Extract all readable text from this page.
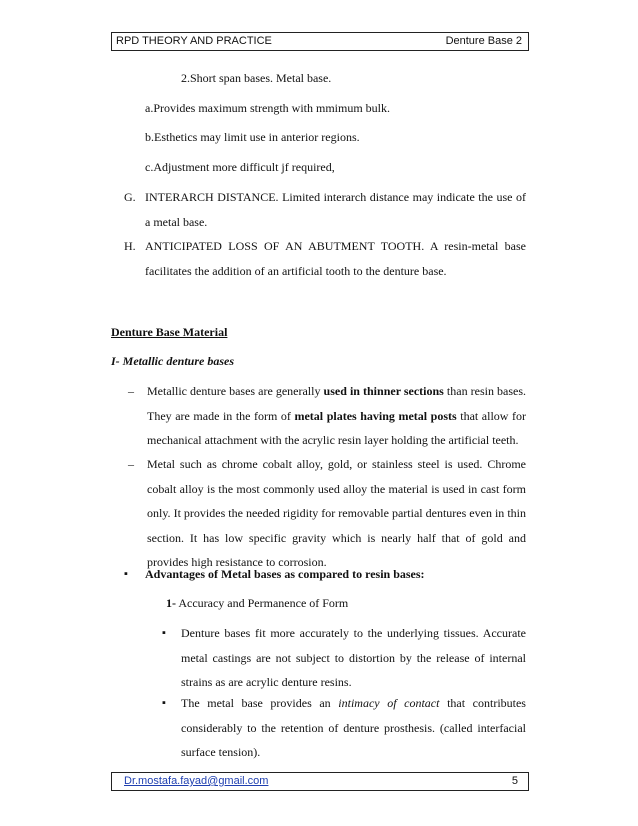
RPD THEORY AND PRACTICE	Denture Base 2
2.Short span bases. Metal base.
a.Provides maximum strength with mmimum bulk.
b.Esthetics may limit use in anterior regions.
c.Adjustment more difficult jf required,
G. INTERARCH DISTANCE. Limited interarch distance may indicate the use of a metal base.
H. ANTICIPATED LOSS OF AN ABUTMENT TOOTH. A resin-metal base facilitates the addition of an artificial tooth to the denture base.
Denture Base Material
I- Metallic denture bases
– Metallic denture bases are generally used in thinner sections than resin bases. They are made in the form of metal plates having metal posts that allow for mechanical attachment with the acrylic resin layer holding the artificial teeth.
– Metal such as chrome cobalt alloy, gold, or stainless steel is used. Chrome cobalt alloy is the most commonly used alloy the material is used in cast form only. It provides the needed rigidity for removable partial dentures even in thin section. It has low specific gravity which is nearly half that of gold and provides high resistance to corrosion.
▪ Advantages of Metal bases as compared to resin bases:
1- Accuracy and Permanence of Form
▪ Denture bases fit more accurately to the underlying tissues. Accurate metal castings are not subject to distortion by the release of internal strains as are acrylic denture resins.
▪ The metal base provides an intimacy of contact that contributes considerably to the retention of denture prosthesis. (called interfacial surface tension).
Dr.mostafa.fayad@gmail.com	5
